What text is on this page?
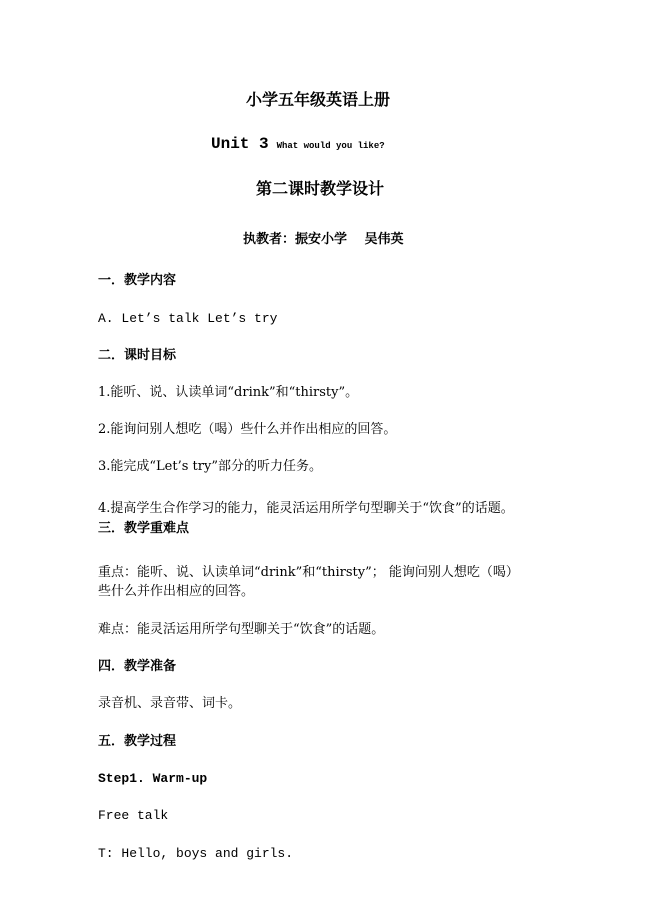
小学五年级英语上册
Unit 3 What would you like?
第二课时教学设计
执教者：振安小学　 吴伟英
一．教学内容
A. Let’s talk Let’s try
二．课时目标
1.能听、说、认读单词“drink”和“thirsty”。
2.能询问别人想吃（喝）些什么并作出相应的回答。
3.能完成“Let’s try”部分的听力任务。
4.提高学生合作学习的能力，能灵活运用所学句型聊关于“饮食”的话题。
三．教学重难点
重点：能听、说、认读单词“drink”和“thirsty”； 能询问别人想吃（喝）
些什么并作出相应的回答。
难点：能灵活运用所学句型聊关于“饮食”的话题。
四．教学准备
录音机、录音带、词卡。
五．教学过程
Step1. Warm-up
Free talk
T: Hello, boys and girls.
